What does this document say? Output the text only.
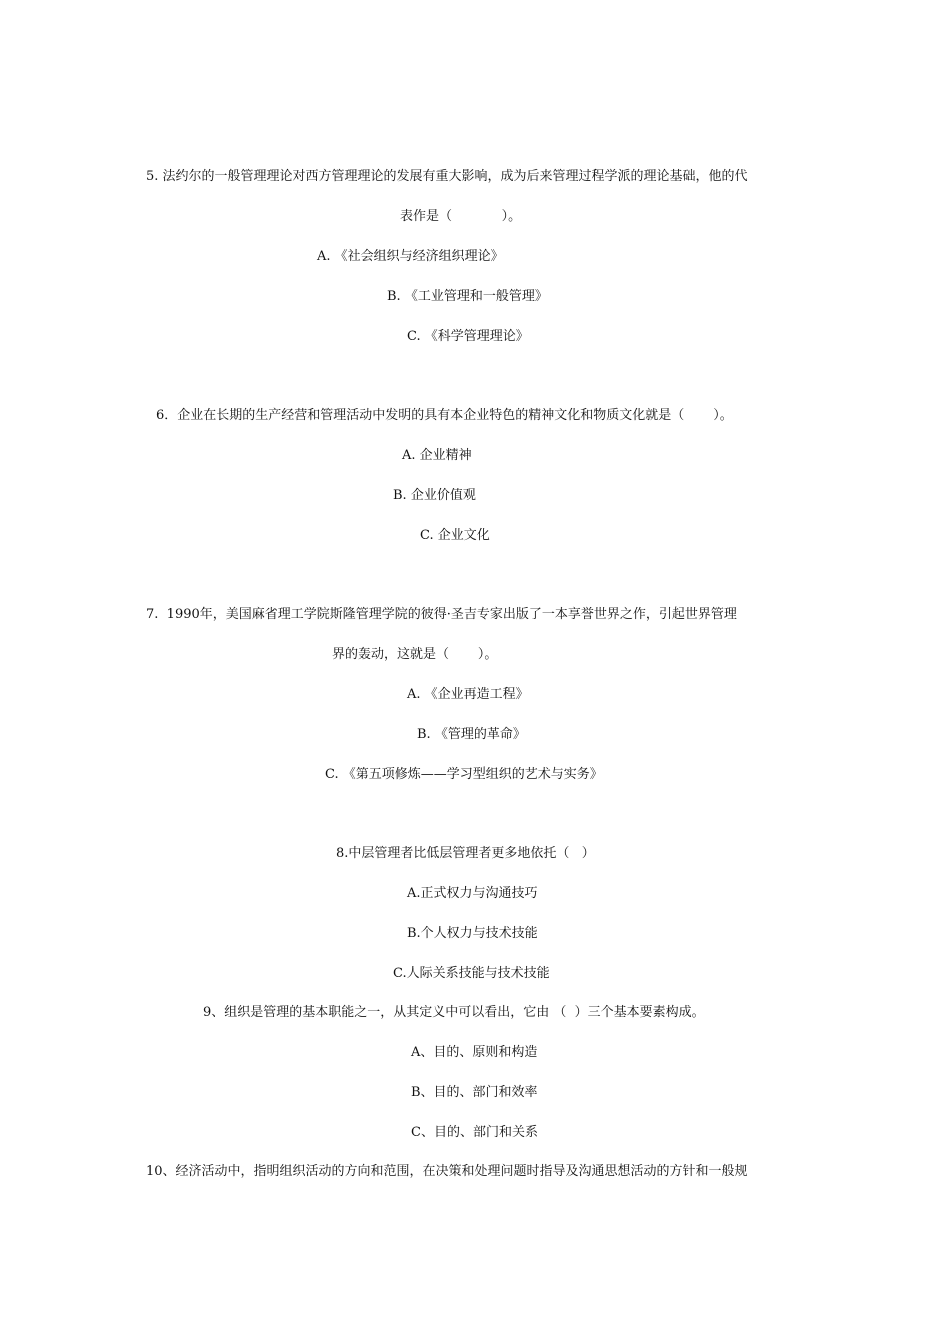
5. 法约尔的一般管理理论对西方管理理论的发展有重大影响，成为后来管理过程学派的理论基础，他的代
表作是（            ）。
A. 《社会组织与经济组织理论》
B. 《工业管理和一般管理》
C. 《科学管理理论》
6．企业在长期的生产经营和管理活动中发明的具有本企业特色的精神文化和物质文化就是（       ）。
A. 企业精神
B. 企业价值观
C. 企业文化
7.  1990年，美国麻省理工学院斯隆管理学院的彼得·圣吉专家出版了一本享誉世界之作，引起世界管理
界的轰动，这就是（       ）。
A. 《企业再造工程》
B. 《管理的革命》
C. 《第五项修炼——学习型组织的艺术与实务》
8.中层管理者比低层管理者更多地依托（   ）
A.正式权力与沟通技巧
B.个人权力与技术技能
C.人际关系技能与技术技能
9、组织是管理的基本职能之一，从其定义中可以看出，它由 （  ）三个基本要素构成。
A、目的、原则和构造
B、目的、部门和效率
C、目的、部门和关系
10、经济活动中，指明组织活动的方向和范围，在决策和处理问题时指导及沟通思想活动的方针和一般规
